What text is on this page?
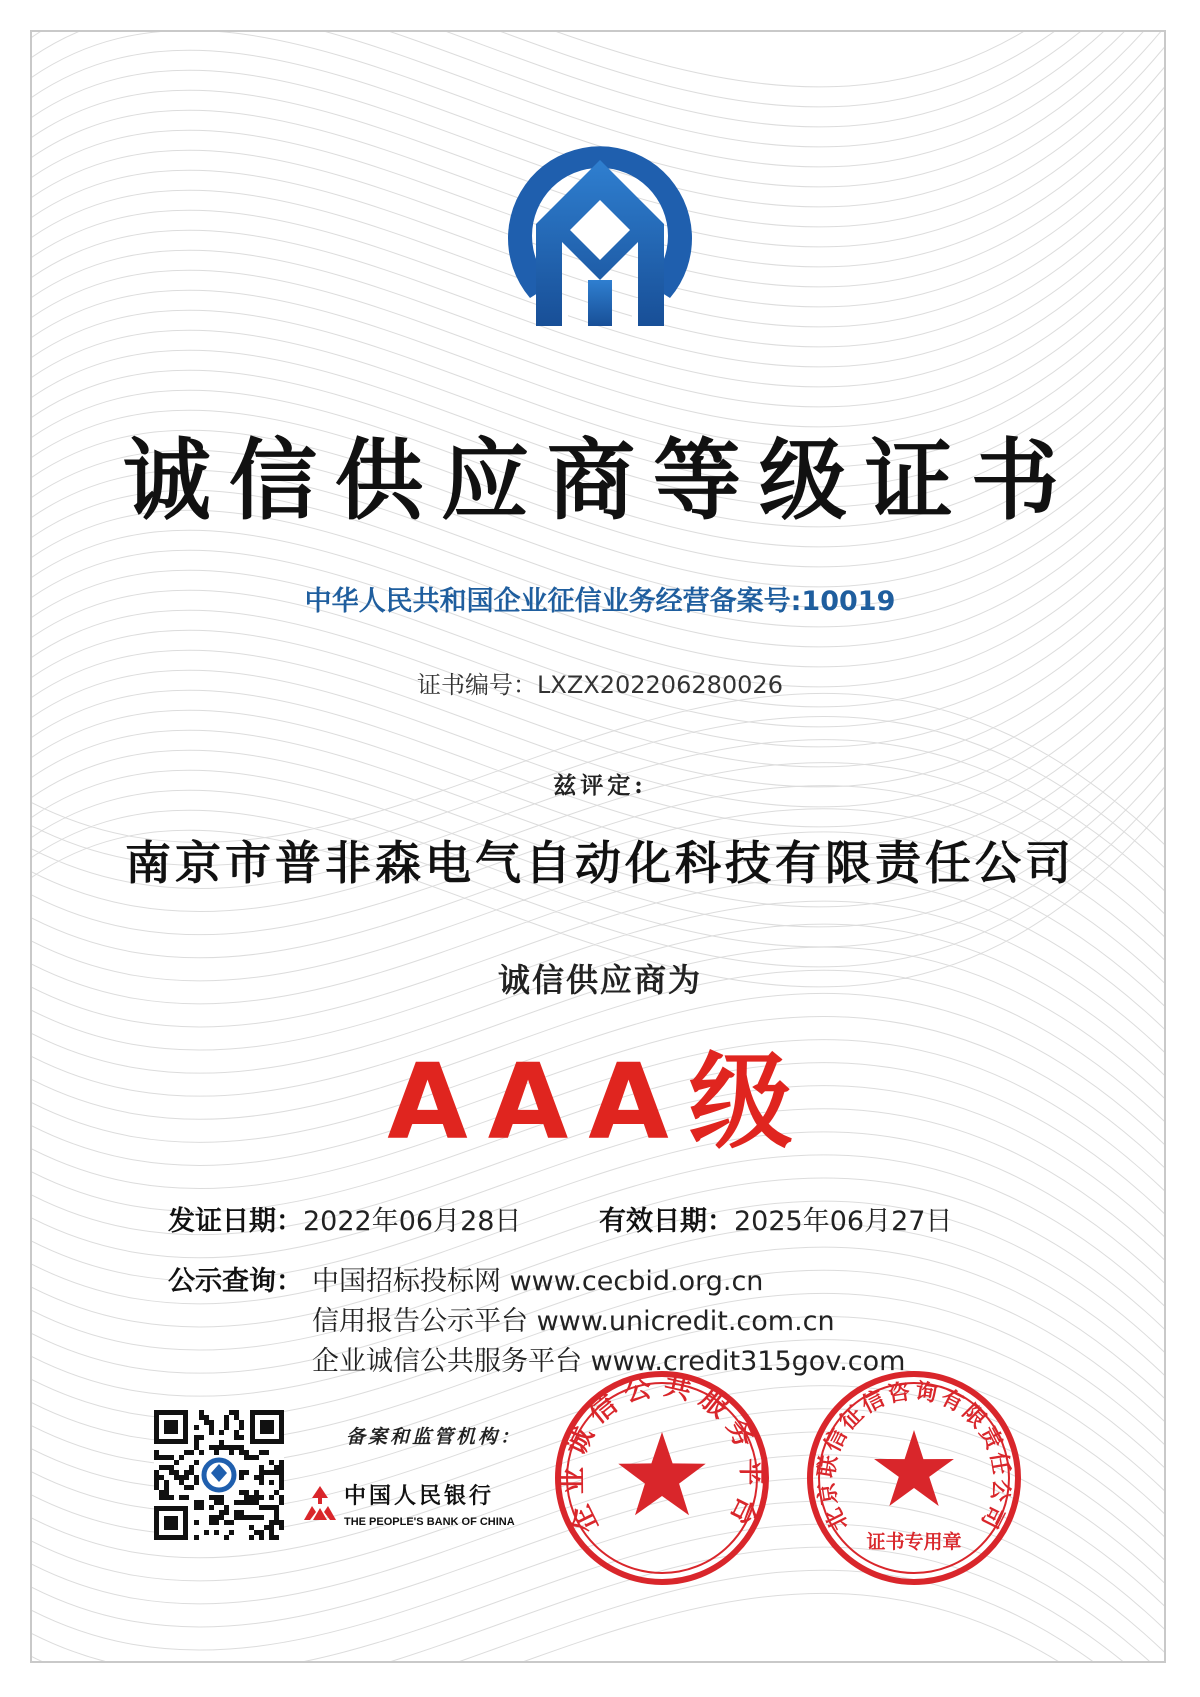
诚信供应商等级证书
中华人民共和国企业征信业务经营备案号:10019
证书编号：LXZX202206280026
兹评定:
南京市普非森电气自动化科技有限责任公司
诚信供应商为
AAA级
发证日期：2022年06月28日	有效日期：2025年06月27日
公示查询： 中国招标投标网 www.cecbid.org.cn
信用报告公示平台 www.unicredit.com.cn
企业诚信公共服务平台 www.credit315gov.com
备案和监管机构：
中国人民银行
THE PEOPLE'S BANK OF CHINA 企业诚信公共服务平台	北京联信征信咨询有限责任公司
证书专用章
